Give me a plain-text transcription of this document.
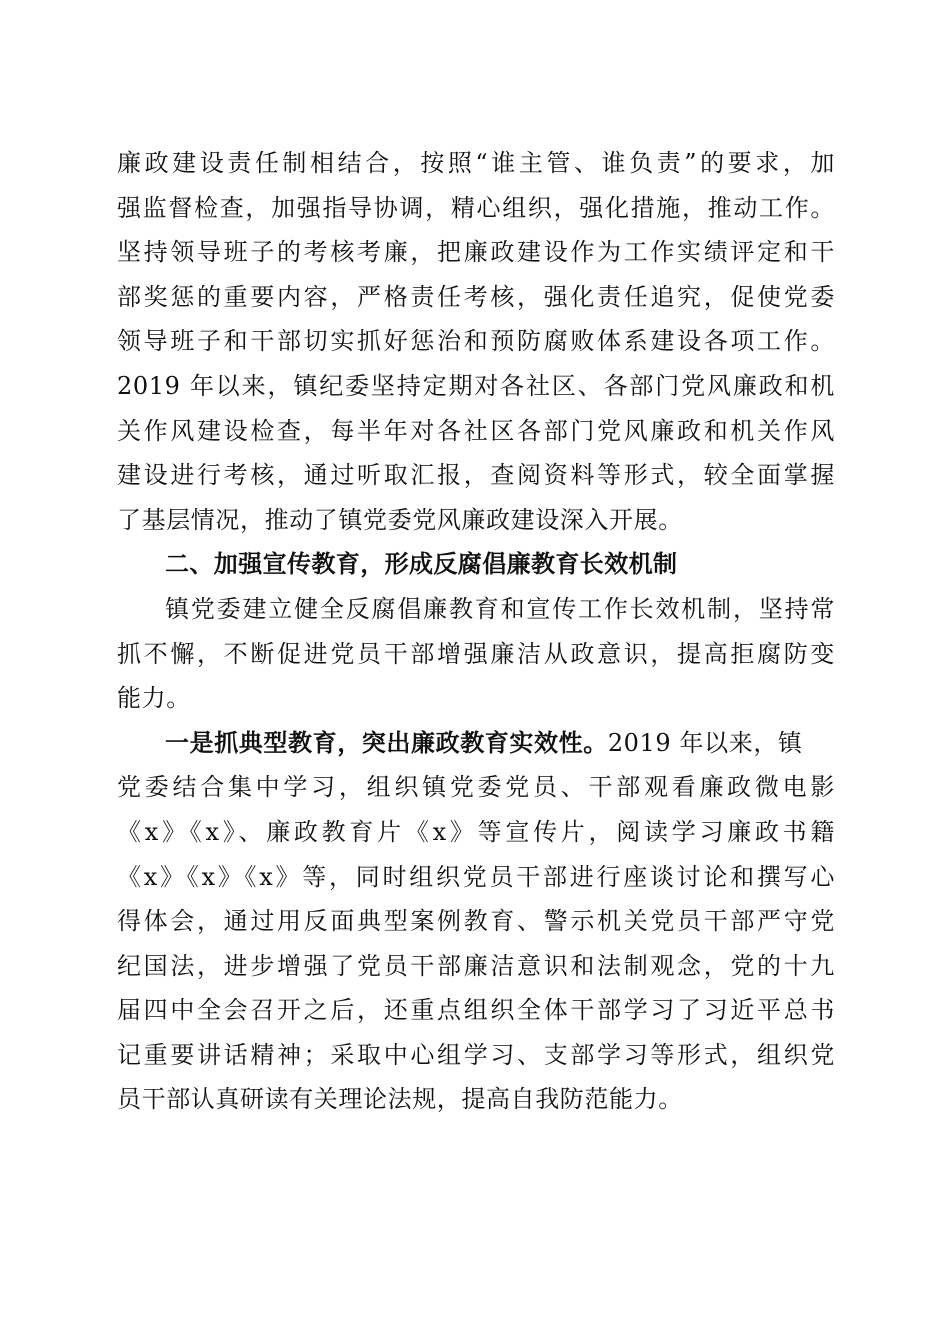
廉政建设责任制相结合，按照“谁主管、谁负责”的要求，加
强监督检查，加强指导协调，精心组织，强化措施，推动工作。
坚持领导班子的考核考廉，把廉政建设作为工作实绩评定和干
部奖惩的重要内容，严格责任考核，强化责任追究，促使党委
领导班子和干部切实抓好惩治和预防腐败体系建设各项工作。
2019 年以来，镇纪委坚持定期对各社区、各部门党风廉政和机
关作风建设检查，每半年对各社区各部门党风廉政和机关作风
建设进行考核，通过听取汇报，查阅资料等形式，较全面掌握
了基层情况，推动了镇党委党风廉政建设深入开展。
二、加强宣传教育，形成反腐倡廉教育长效机制
镇党委建立健全反腐倡廉教育和宣传工作长效机制，坚持常
抓不懈，不断促进党员干部增强廉洁从政意识，提高拒腐防变
能力。
一是抓典型教育，突出廉政教育实效性。2019 年以来，镇
党委结合集中学习，组织镇党委党员、干部观看廉政微电影
《x》《x》、廉政教育片《x》等宣传片，阅读学习廉政书籍
《x》《x》《x》等，同时组织党员干部进行座谈讨论和撰写心
得体会，通过用反面典型案例教育、警示机关党员干部严守党
纪国法，进步增强了党员干部廉洁意识和法制观念，党的十九
届四中全会召开之后，还重点组织全体干部学习了习近平总书
记重要讲话精神；采取中心组学习、支部学习等形式，组织党
员干部认真研读有关理论法规，提高自我防范能力。
